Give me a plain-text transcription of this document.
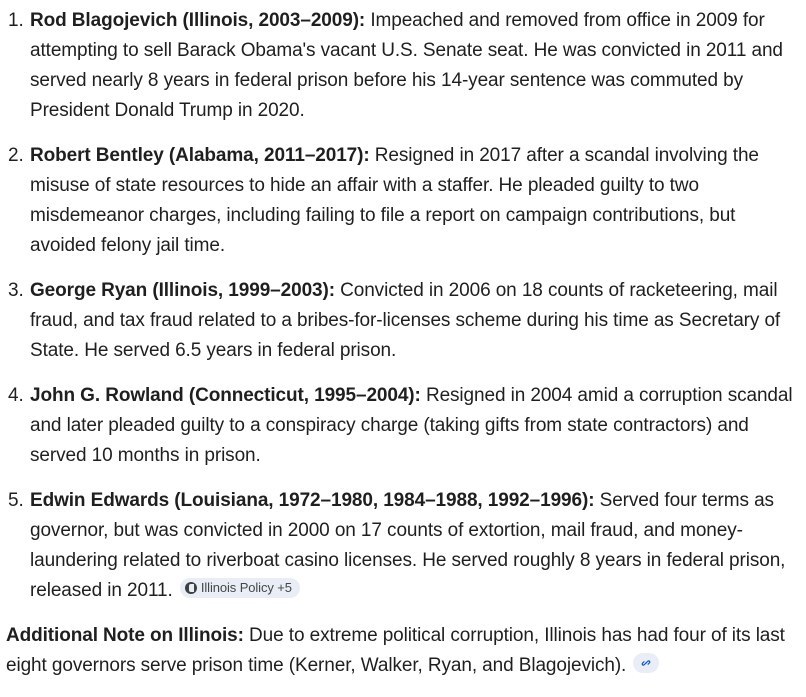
1. Rod Blagojevich (Illinois, 2003–2009): Impeached and removed from office in 2009 for attempting to sell Barack Obama's vacant U.S. Senate seat. He was convicted in 2011 and served nearly 8 years in federal prison before his 14-year sentence was commuted by President Donald Trump in 2020.
2. Robert Bentley (Alabama, 2011–2017): Resigned in 2017 after a scandal involving the misuse of state resources to hide an affair with a staffer. He pleaded guilty to two misdemeanor charges, including failing to file a report on campaign contributions, but avoided felony jail time.
3. George Ryan (Illinois, 1999–2003): Convicted in 2006 on 18 counts of racketeering, mail fraud, and tax fraud related to a bribes-for-licenses scheme during his time as Secretary of State. He served 6.5 years in federal prison.
4. John G. Rowland (Connecticut, 1995–2004): Resigned in 2004 amid a corruption scandal and later pleaded guilty to a conspiracy charge (taking gifts from state contractors) and served 10 months in prison.
5. Edwin Edwards (Louisiana, 1972–1980, 1984–1988, 1992–1996): Served four terms as governor, but was convicted in 2000 on 17 counts of extortion, mail fraud, and money-laundering related to riverboat casino licenses. He served roughly 8 years in federal prison, released in 2011. Illinois Policy +5

Additional Note on Illinois: Due to extreme political corruption, Illinois has had four of its last eight governors serve prison time (Kerner, Walker, Ryan, and Blagojevich).
